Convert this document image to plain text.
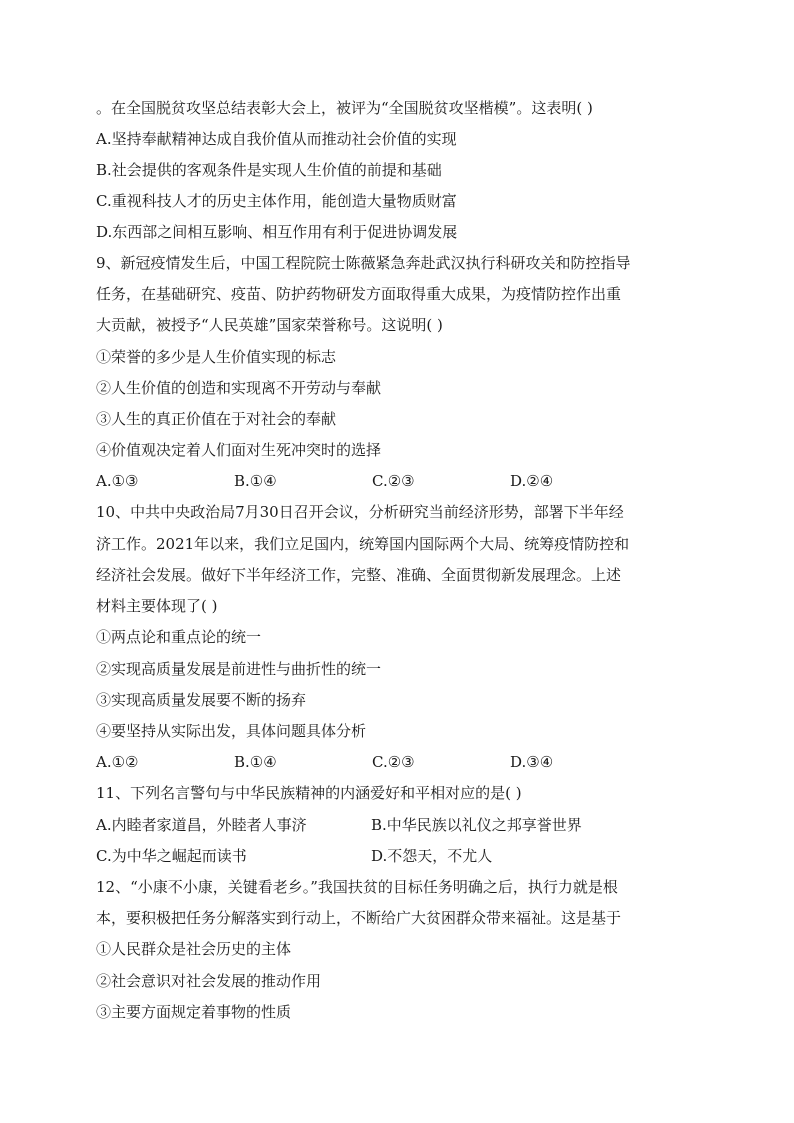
。在全国脱贫攻坚总结表彰大会上，被评为“全国脱贫攻坚楷模”。这表明( )
A.坚持奉献精神达成自我价值从而推动社会价值的实现
B.社会提供的客观条件是实现人生价值的前提和基础
C.重视科技人才的历史主体作用，能创造大量物质财富
D.东西部之间相互影响、相互作用有利于促进协调发展
9、新冠疫情发生后，中国工程院院士陈薇紧急奔赴武汉执行科研攻关和防控指导
任务，在基础研究、疫苗、防护药物研发方面取得重大成果，为疫情防控作出重
大贡献，被授予“人民英雄”国家荣誉称号。这说明( )
①荣誉的多少是人生价值实现的标志
②人生价值的创造和实现离不开劳动与奉献
③人生的真正价值在于对社会的奉献
④价值观决定着人们面对生死冲突时的选择
A.①③	B.①④	C.②③	D.②④
10、中共中央政治局7月30日召开会议，分析研究当前经济形势，部署下半年经
济工作。2021年以来，我们立足国内，统筹国内国际两个大局、统筹疫情防控和
经济社会发展。做好下半年经济工作，完整、准确、全面贯彻新发展理念。上述
材料主要体现了( )
①两点论和重点论的统一
②实现高质量发展是前进性与曲折性的统一
③实现高质量发展要不断的扬弃
④要坚持从实际出发，具体问题具体分析
A.①②	B.①④	C.②③	D.③④
11、下列名言警句与中华民族精神的内涵爱好和平相对应的是( )
A.内睦者家道昌，外睦者人事济	B.中华民族以礼仪之邦享誉世界
C.为中华之崛起而读书	D.不怨天，不尤人
12、“小康不小康，关键看老乡。”我国扶贫的目标任务明确之后，执行力就是根
本，要积极把任务分解落实到行动上，不断给广大贫困群众带来福祉。这是基于
①人民群众是社会历史的主体
②社会意识对社会发展的推动作用
③主要方面规定着事物的性质
